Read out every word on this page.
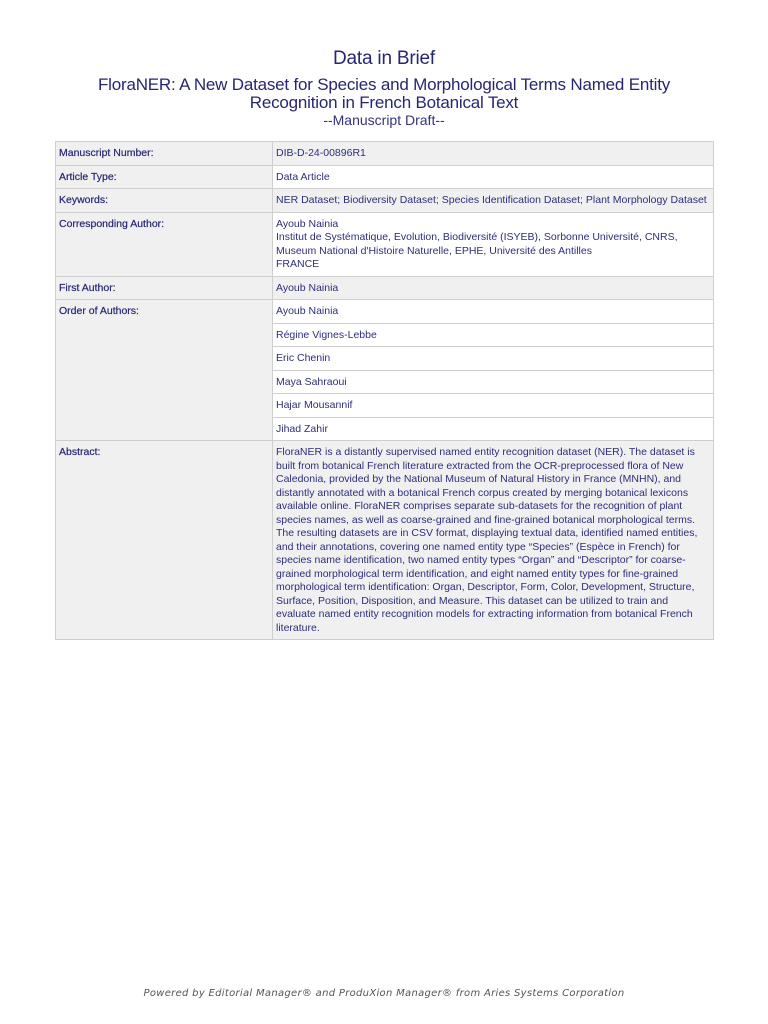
Data in Brief
FloraNER: A New Dataset for Species and Morphological Terms Named Entity
Recognition in French Botanical Text
--Manuscript Draft--
Manuscript Number:	DIB-D-24-00896R1
Article Type:	Data Article
Keywords:	NER Dataset; Biodiversity Dataset; Species Identification Dataset; Plant Morphology Dataset
Corresponding Author:	Ayoub Nainia
Institut de Systématique, Evolution, Biodiversité (ISYEB), Sorbonne Université, CNRS,
Museum National d'Histoire Naturelle, EPHE, Université des Antilles
FRANCE

First Author:	Ayoub Nainia
Order of Authors:	Ayoub Nainia
	Régine Vignes-Lebbe
	Eric Chenin
	Maya Sahraoui
	Hajar Mousannif
	Jihad Zahir
Abstract:	FloraNER is a distantly supervised named entity recognition dataset (NER). The dataset is built from botanical French literature extracted from the OCR-preprocessed flora of New Caledonia, provided by the National Museum of Natural History in France (MNHN), and distantly annotated with a botanical French corpus created by merging botanical lexicons available online. FloraNER comprises separate sub-datasets for the recognition of plant species names, as well as coarse-grained and fine-grained botanical morphological terms. The resulting datasets are in CSV format, displaying textual data, identified named entities, and their annotations, covering one named entity type “Species” (Espèce in French) for species name identification, two named entity types “Organ” and “Descriptor” for coarse-grained morphological term identification, and eight named entity types for fine-grained morphological term identification: Organ, Descriptor, Form, Color, Development, Structure, Surface, Position, Disposition, and Measure. This dataset can be utilized to train and evaluate named entity recognition models for extracting information from botanical French literature.
Powered by Editorial Manager® and ProduXion Manager® from Aries Systems Corporation
